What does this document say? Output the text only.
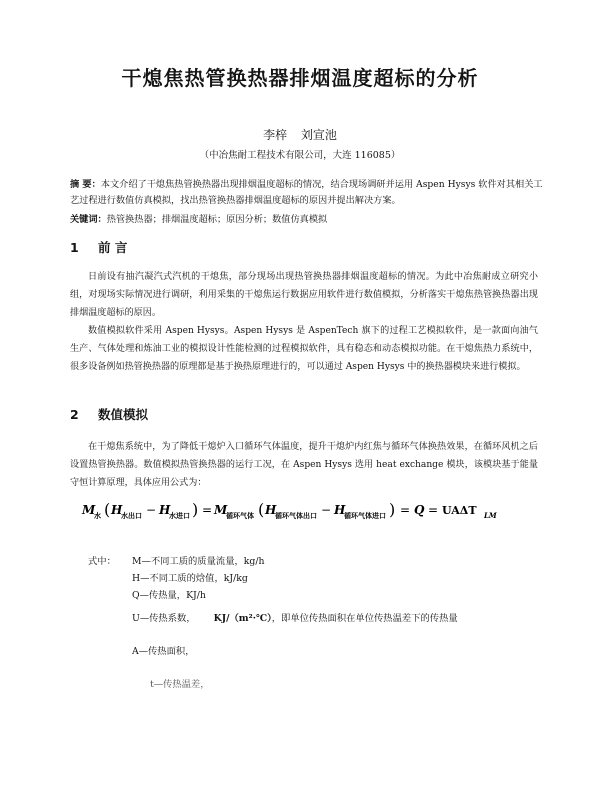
干熄焦热管换热器排烟温度超标的分析
李梓 刘宣池
（中冶焦耐工程技术有限公司，大连 116085）
摘 要：本文介绍了干熄焦热管换热器出现排烟温度超标的情况，结合现场调研并运用 Aspen Hysys 软件对其相关工艺过程进行数值仿真模拟，找出热管换热器排烟温度超标的原因并提出解决方案。
关键词：热管换热器；排烟温度超标；原因分析；数值仿真模拟
1 前 言
日前设有抽汽凝汽式汽机的干熄焦，部分现场出现热管换热器排烟温度超标的情况。为此中冶焦耐成立研究小组，对现场实际情况进行调研，利用采集的干熄焦运行数据应用软件进行数值模拟，分析落实干熄焦热管换热器出现排烟温度超标的原因。
数值模拟软件采用 Aspen Hysys。Aspen Hysys 是 AspenTech 旗下的过程工艺模拟软件，是一款面向油气生产、气体处理和炼油工业的模拟设计性能检测的过程模拟软件，具有稳态和动态模拟功能。在干熄焦热力系统中，很多设备例如热管换热器的原理都是基于换热原理进行的，可以通过 Aspen Hysys 中的换热器模块来进行模拟。
2 数值模拟
在干熄焦系统中，为了降低干熄炉入口循环气体温度，提升干熄炉内红焦与循环气体换热效果，在循环风机之后设置热管换热器。数值模拟热管换热器的运行工况，在 Aspen Hysys 选用 heat exchange 模块，该模块基于能量守恒计算原理，具体应用公式为：
M
水 ( H
水出口 − H
水进口 ) = M
循环气体 ( H
循环气体出口 − H
循环气体进口 ) = Q = UAΔT LM
式中： M—不同工质的质量流量，kg/h
H—不同工质的焓值，kJ/kg
Q—传热量，KJ/h
U—传热系数， KJ/（m²·℃），即单位传热面积在单位传热温差下的传热量
A—传热面积，
t—传热温差，
